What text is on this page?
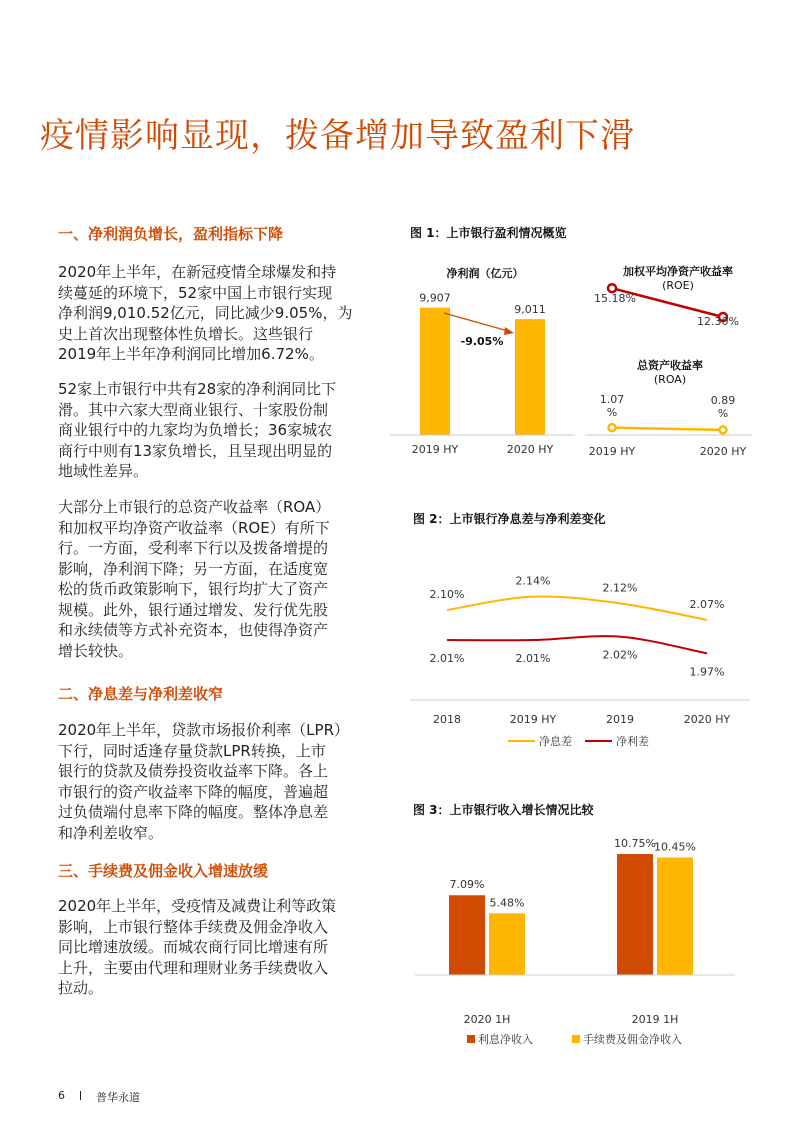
疫情影响显现，拨备增加导致盈利下滑
一、净利润负增长，盈利指标下降
2020年上半年，在新冠疫情全球爆发和持
续蔓延的环境下，52家中国上市银行实现
净利润9,010.52亿元，同比减少9.05%，为
史上首次出现整体性负增长。这些银行
2019年上半年净利润同比增加6.72%。
52家上市银行中共有28家的净利润同比下
滑。其中六家大型商业银行、十家股份制
商业银行中的九家均为负增长；36家城农
商行中则有13家负增长，且呈现出明显的
地域性差异。
大部分上市银行的总资产收益率（ROA）
和加权平均净资产收益率（ROE）有所下
行。一方面，受利率下行以及拨备增提的
影响，净利润下降；另一方面，在适度宽
松的货币政策影响下，银行均扩大了资产
规模。此外，银行通过增发、发行优先股
和永续债等方式补充资本，也使得净资产
增长较快。
二、净息差与净利差收窄
2020年上半年，贷款市场报价利率（LPR）
下行，同时适逢存量贷款LPR转换，上市
银行的贷款及债券投资收益率下降。各上
市银行的资产收益率下降的幅度，普遍超
过负债端付息率下降的幅度。整体净息差
和净利差收窄。
三、手续费及佣金收入增速放缓
2020年上半年，受疫情及减费让利等政策
影响，上市银行整体手续费及佣金净收入
同比增速放缓。而城农商行同比增速有所
上升，主要由代理和理财业务手续费收入
拉动。
图 1：上市银行盈利情况概览
图 2：上市银行净息差与净利差变化
图 3：上市银行收入增长情况比较
净利润（亿元）
9,907
9,011
-9.05%
2019 HY	2020 HY
加权平均净资产收益率
(ROE)
15.18%
12.30%
总资产收益率
(ROA)
1.07
%
0.89
%
2019 HY	2020 HY
2.10%
2.14%
2.12%
2.07%
2.01%	2.01%	2.02%
1.97%
2018	2019 HY	2019	2020 HY
净息差	净利差
7.09%
5.48%
10.75%
10.45%
2020 1H	2019 1H
利息净收入	手续费及佣金净收入
6	普华永道
